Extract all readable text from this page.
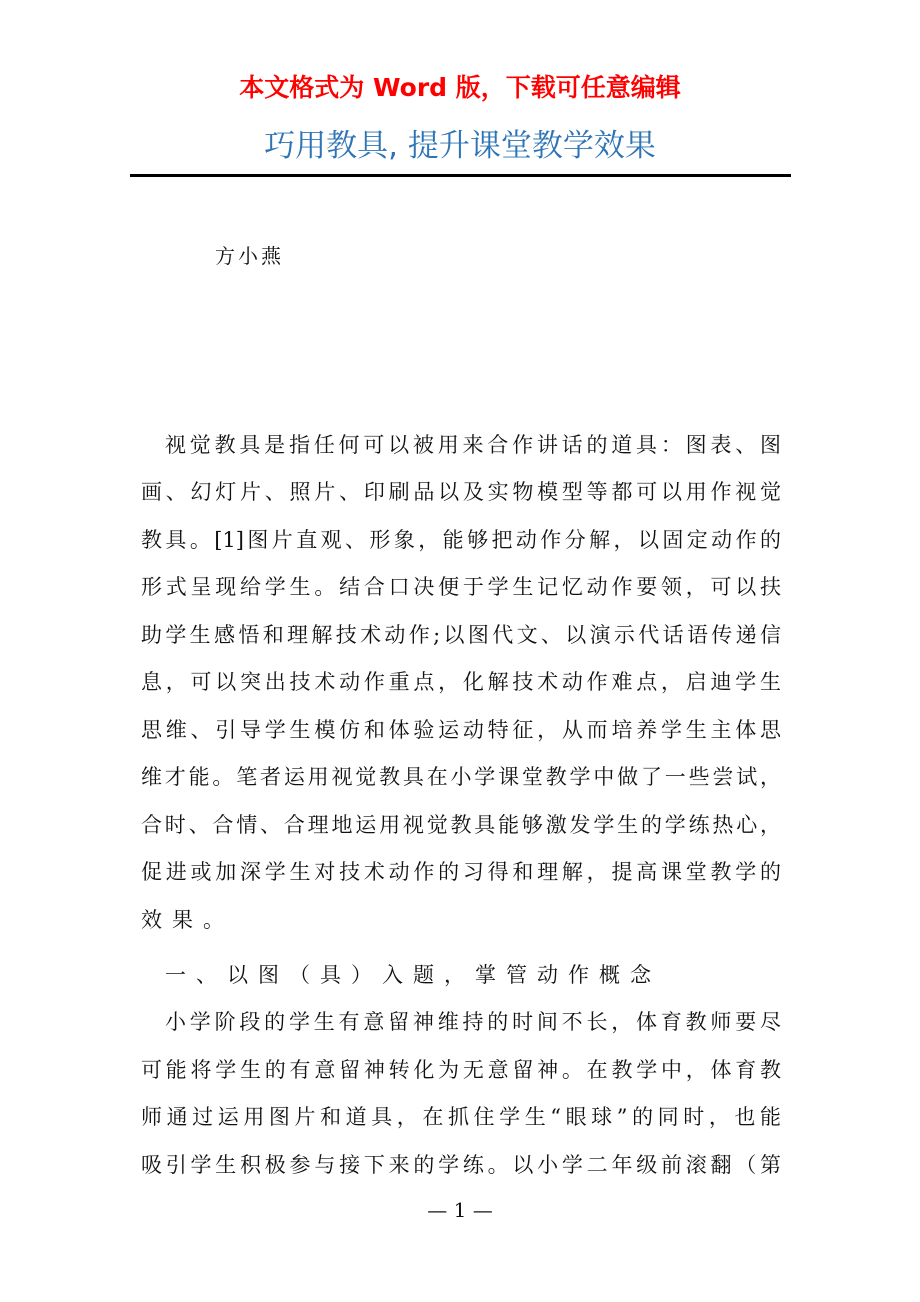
本文格式为 Word 版，下载可任意编辑
巧用教具, 提升课堂教学效果
方小燕
视觉教具是指任何可以被用来合作讲话的道具：图表、图
画、幻灯片、照片、印刷品以及实物模型等都可以用作视觉
教具。[1]图片直观、形象，能够把动作分解，以固定动作的
形式呈现给学生。结合口决便于学生记忆动作要领，可以扶
助学生感悟和理解技术动作;以图代文、以演示代话语传递信
息，可以突出技术动作重点，化解技术动作难点，启迪学生
思维、引导学生模仿和体验运动特征，从而培养学生主体思
维才能。笔者运用视觉教具在小学课堂教学中做了一些尝试，
合时、合情、合理地运用视觉教具能够激发学生的学练热心，
促进或加深学生对技术动作的习得和理解，提高课堂教学的
效果。
一、以图（具）入题，掌管动作概念
小学阶段的学生有意留神维持的时间不长，体育教师要尽
可能将学生的有意留神转化为无意留神。在教学中，体育教
师通过运用图片和道具，在抓住学生“眼球”的同时，也能
吸引学生积极参与接下来的学练。以小学二年级前滚翻（第
— 1 —
